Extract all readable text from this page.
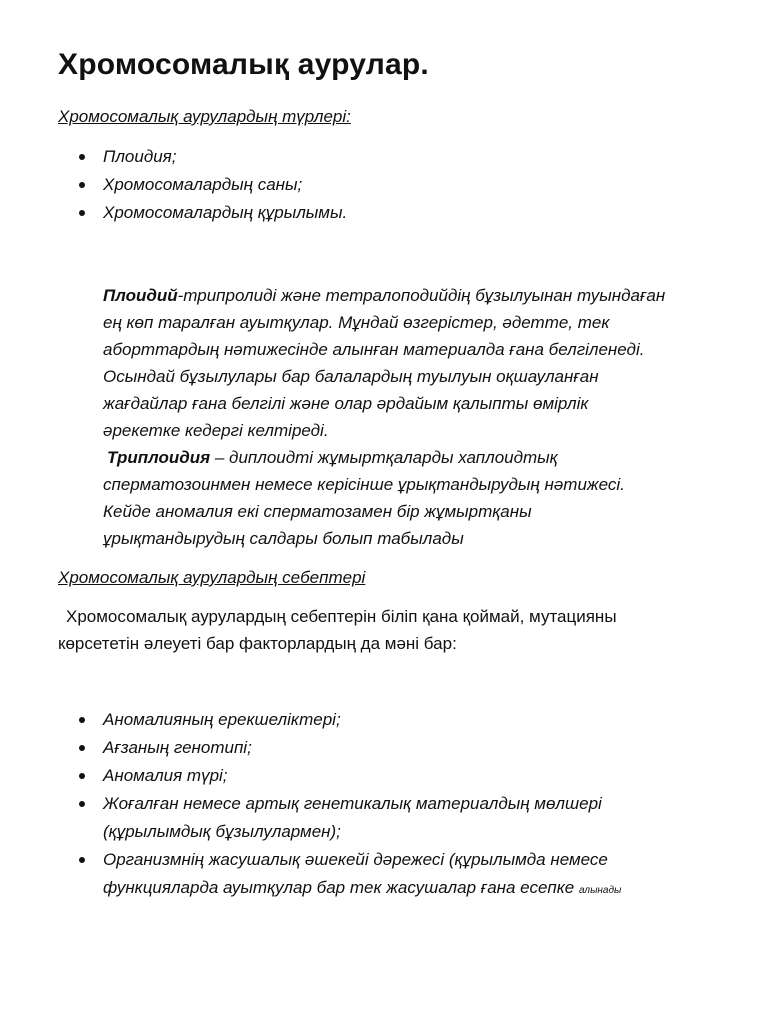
Хромосомалық аурулар.

Хромосомалық аурулардың түрлері:

Плоидия;
Хромосомалардың саны;
Хромосомалардың құрылымы.
Плоидий-трипролиді және тетралоподийдің бұзылуынан туындаған
ең көп таралған ауытқулар. Мұндай өзгерістер, әдетте, тек
аборттардың нәтижесінде алынған материалда ғана белгіленеді.
Осындай бұзылулары бар балалардың туылуын оқшауланған
жағдайлар ғана белгілі және олар әрдайым қалыпты өмірлік
әрекетке кедергі келтіреді.
Триплоидия – диплоидті жұмыртқаларды хаплоидтық
сперматозоинмен немесе керісінше ұрықтандырудың нәтижесі.
Кейде аномалия екі сперматозамен бір жұмыртқаны
ұрықтандырудың салдары болып табылады

Хромосомалық аурулардың себептері

Хромосомалық аурулардың себептерін біліп қана қоймай, мутацияны
көрсететін әлеуеті бар факторлардың да мәні бар:
Аномалияның ерекшеліктері;
Ағзаның генотипі;
Аномалия түрі;
Жоғалған немесе артық генетикалық материалдың мөлшері
(құрылымдық бұзылулармен);
Организмнің жасушалық әшекейі дәрежесі (құрылымда немесе
функцияларда ауытқулар бар тек жасушалар ғана есепке алынады
